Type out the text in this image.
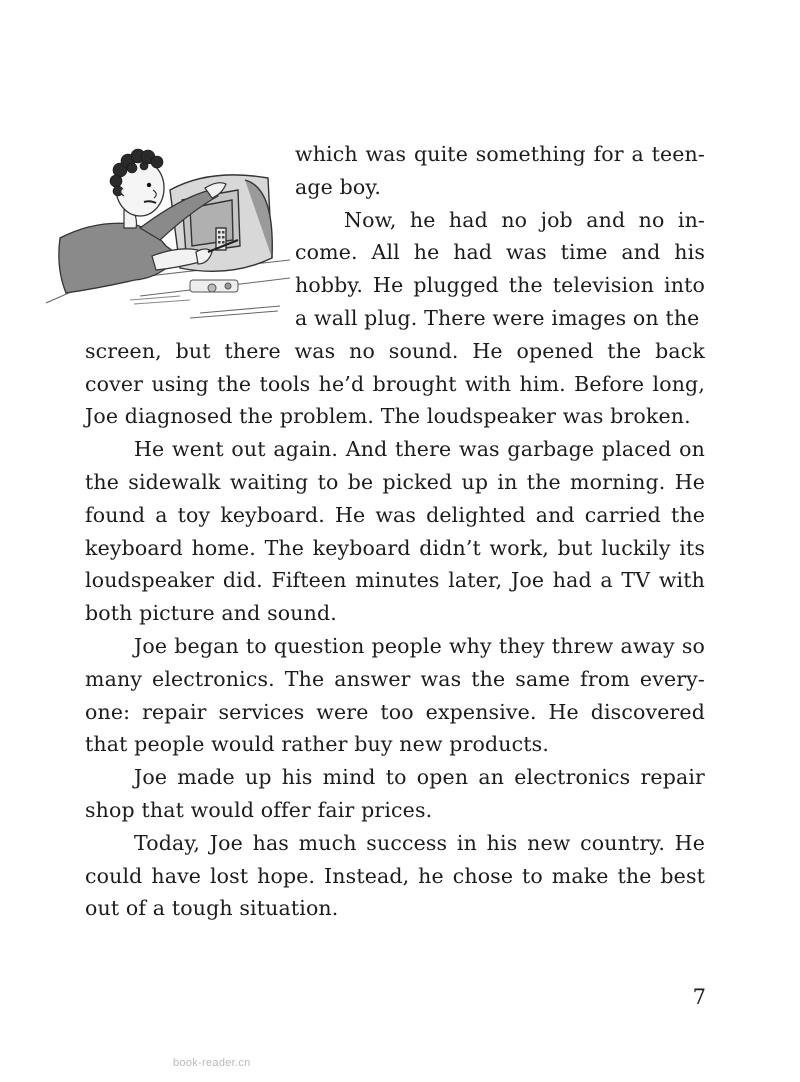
which was quite something for a teen-age boy.

Now, he had no job and no in-come. All he had was time and his hobby. He plugged the television into a wall plug. There were images on the

screen, but there was no sound. He opened the back cover using the tools he’d brought with him. Before long, Joe diagnosed the problem. The loudspeaker was broken.

He went out again. And there was garbage placed on the sidewalk waiting to be picked up in the morning. He found a toy keyboard. He was delighted and carried the keyboard home. The keyboard didn’t work, but luckily its loudspeaker did. Fifteen minutes later, Joe had a TV with both picture and sound.

Joe began to question people why they threw away so many electronics. The answer was the same from every-one: repair services were too expensive. He discovered that people would rather buy new products.

Joe made up his mind to open an electronics repair shop that would offer fair prices.

Today, Joe has much success in his new country. He could have lost hope. Instead, he chose to make the best out of a tough situation.

7
book-reader.cn
